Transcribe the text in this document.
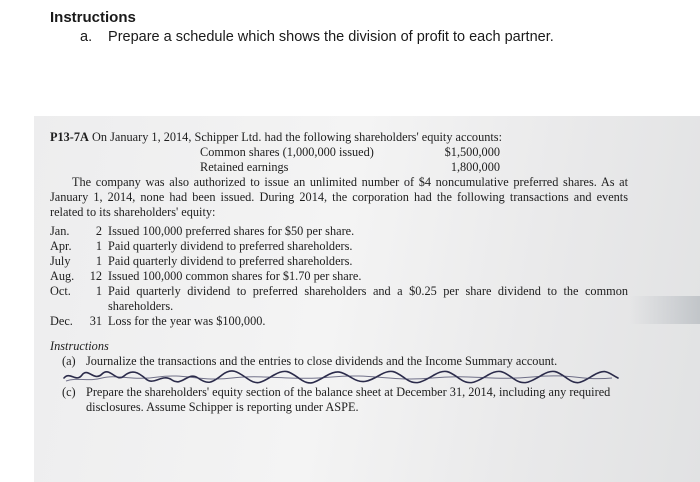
Instructions
a. Prepare a schedule which shows the division of profit to each partner.

P13-7A On January 1, 2014, Schipper Ltd. had the following shareholders' equity accounts:

Common shares (1,000,000 issued)	$1,500,000
Retained earnings	1,800,000

The company was also authorized to issue an unlimited number of $4 noncumulative preferred shares. As at January 1, 2014, none had been issued. During 2014, the corporation had the following transactions and events related to its shareholders' equity:

Jan.	2 Issued 100,000 preferred shares for $50 per share.
Apr.	1 Paid quarterly dividend to preferred shareholders.
July	1 Paid quarterly dividend to preferred shareholders.
Aug.	12 Issued 100,000 common shares for $1.70 per share.
Oct.	1 Paid quarterly dividend to preferred shareholders and a $0.25 per share dividend to the common shareholders.
Dec.	31 Loss for the year was $100,000.

Instructions

(a) Journalize the transactions and the entries to close dividends and the Income Summary account.
(c) Prepare the shareholders' equity section of the balance sheet at December 31, 2014, including any required disclosures. Assume Schipper is reporting under ASPE.
